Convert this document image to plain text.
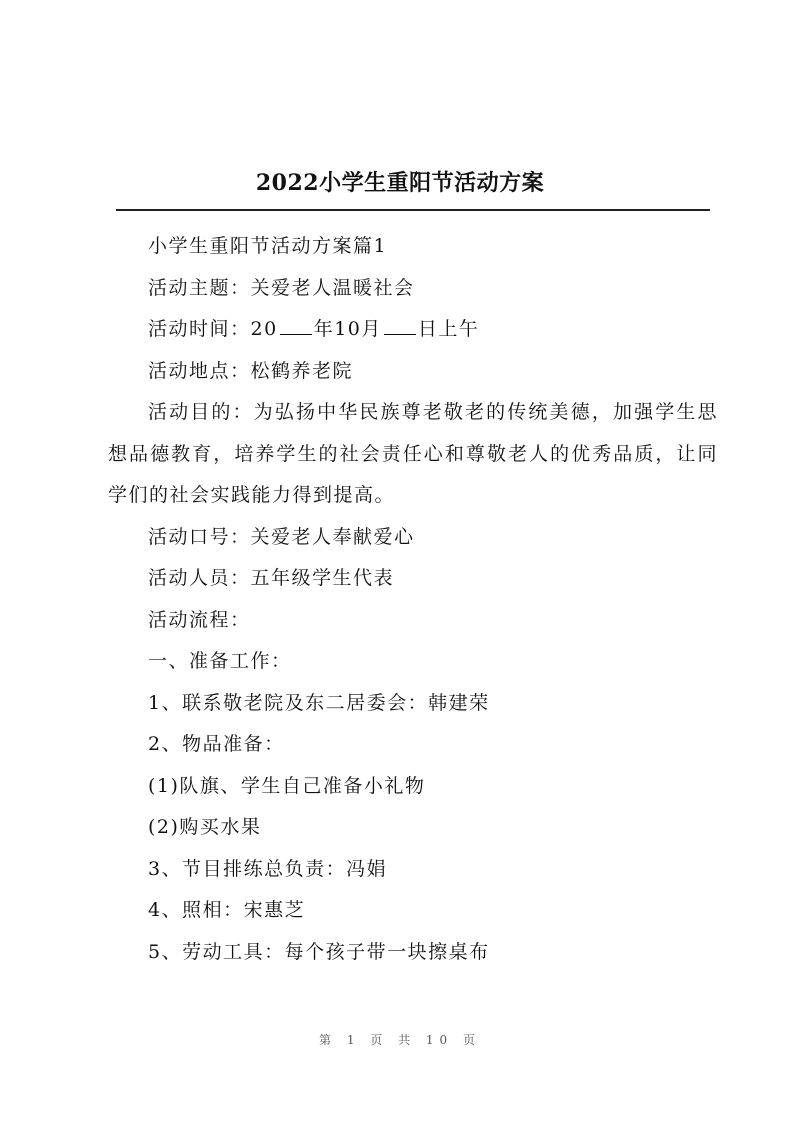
2022小学生重阳节活动方案
小学生重阳节活动方案篇1
活动主题：关爱老人温暖社会
活动时间：20 年10月 日上午
活动地点：松鹤养老院
活动目的：为弘扬中华民族尊老敬老的传统美德，加强学生思想品德教育，培养学生的社会责任心和尊敬老人的优秀品质，让同学们的社会实践能力得到提高。
活动口号：关爱老人奉献爱心
活动人员：五年级学生代表
活动流程：
一、准备工作：
1、联系敬老院及东二居委会：韩建荣
2、物品准备：
(1)队旗、学生自己准备小礼物
(2)购买水果
3、节目排练总负责：冯娟
4、照相：宋惠芝
5、劳动工具：每个孩子带一块擦桌布
第 1 页 共 10 页
